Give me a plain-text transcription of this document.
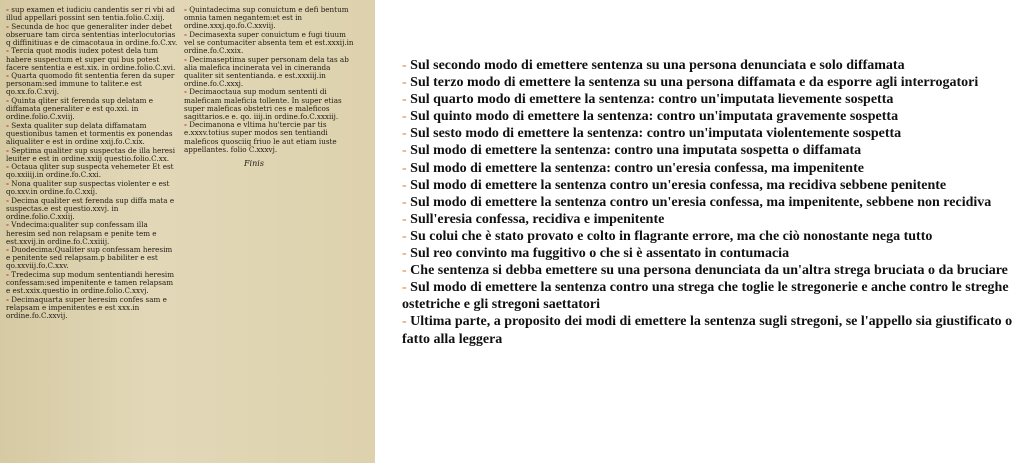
- sup examen et iudiciu candentis ser ri vbi ad illud appellari possint sen tentia.folio.C.xiij.
- Secunda de hoc que generaliter inder debet obseruare tam circa sententias interlocutorias q diffinitiuas e de cimacotaua in ordine.fo.C.xv.
- Tercia quot modis iudex potest dela tum habere suspectum et super qui bus potest facere sententia e est.xix. in ordine.folio.C.xvi.
- Quarta quomodo fit sententia feren da super personam:sed immune to taliter.e est qo.xx.fo.C.xvij.
- Quinta qliter sit ferenda sup delatam e diffamata generaliter e est qo.xxi. in ordine.folio.C.xviij.
- Sexta qualiter sup delata diffamatam questionibus tamen et tormentis ex ponendas aliqualiter e est in ordine xxij.fo.C.xix.
- Septima qualiter sup suspectas de illa heresi leuiter e est in ordine.xxiij questio.folio.C.xx.
- Octaua qliter sup suspecta vehemeter Et est qo.xxiiij.in ordine.fo.C.xxi.
- Nona qualiter sup suspectas violenter e est qo.xxv.in ordine.fo.C.xxij.
- Decima qualiter est ferenda sup diffa mata e suspectas.e est questio.xxvj. in ordine.folio.C.xxiij.
- Vndecima:qualiter sup confessam illa heresim sed non relapsam e penite tem e est.xxvij.in ordine.fo.C.xxiiij.
- Duodecima:Qualiter sup confessam heresim e penitente sed relapsam.p babiliter e est qo.xxviij.fo.C.xxv.
- Tredecima sup modum sententiandi heresim confessam:sed impenitente e tamen relapsam e est.xxix.questio in ordine.folio.C.xxvj.
- Decimaquarta super heresim confes sam e relapsam e impenitentes e est xxx.in ordine.fo.C.xxvij.
- Quintadecima sup conuictum e defi bentum omnia tamen negantem:et est in ordine.xxxj.qo.fo.C.xxviij.
- Decimasexta super conuictum e fugi tiuum vel se contumaciter absenta tem et est.xxxij.in ordine.fo.C.xxix.
- Decimaseptima super personam dela tas ab alia malefica incinerata vel in cineranda qualiter sit sententianda. e est.xxxiij.in ordine.fo.C.xxxj.
- Decimaoctaua sup modum sententi di maleficam maleficia tollente. In super etias super maleficas obstetri ces e maleficos sagittarios.e e. qo. iiij.in ordine.fo.C.xxxiij.
- Decimanona e vltima hu'tercie par tis e.xxxv.totius super modos sen tentiandi maleficos quosciiq friuo le aut etiam iuste appellantes. folio C.xxxvj.
Finis
- Sul secondo modo di emettere sentenza su una persona denunciata e solo diffamata
- Sul terzo modo di emettere la sentenza su una persona diffamata e da esporre agli interrogatori
- Sul quarto modo di emettere la sentenza: contro un'imputata lievemente sospetta
- Sul quinto modo di emettere la sentenza: contro un'imputata gravemente sospetta
- Sul sesto modo di emettere la sentenza: contro un'imputata violentemente sospetta
- Sul modo di emettere la sentenza: contro una imputata sospetta o diffamata
- Sul modo di emettere la sentenza: contro un'eresia confessa, ma impenitente
- Sul modo di emettere la sentenza contro un'eresia confessa, ma recidiva sebbene penitente
- Sul modo di emettere la sentenza contro un'eresia confessa, ma impenitente, sebbene non recidiva
- Sull'eresia confessa, recidiva e impenitente
- Su colui che è stato provato e colto in flagrante errore, ma che ciò nonostante nega tutto
- Sul reo convinto ma fuggitivo o che si è assentato in contumacia
- Che sentenza si debba emettere su una persona denunciata da un'altra strega bruciata o da bruciare
- Sul modo di emettere la sentenza contro una strega che toglie le stregonerie e anche contro le streghe ostetriche e gli stregoni saettatori
- Ultima parte, a proposito dei modi di emettere la sentenza sugli stregoni, se l'appello sia giustificato o fatto alla leggera
